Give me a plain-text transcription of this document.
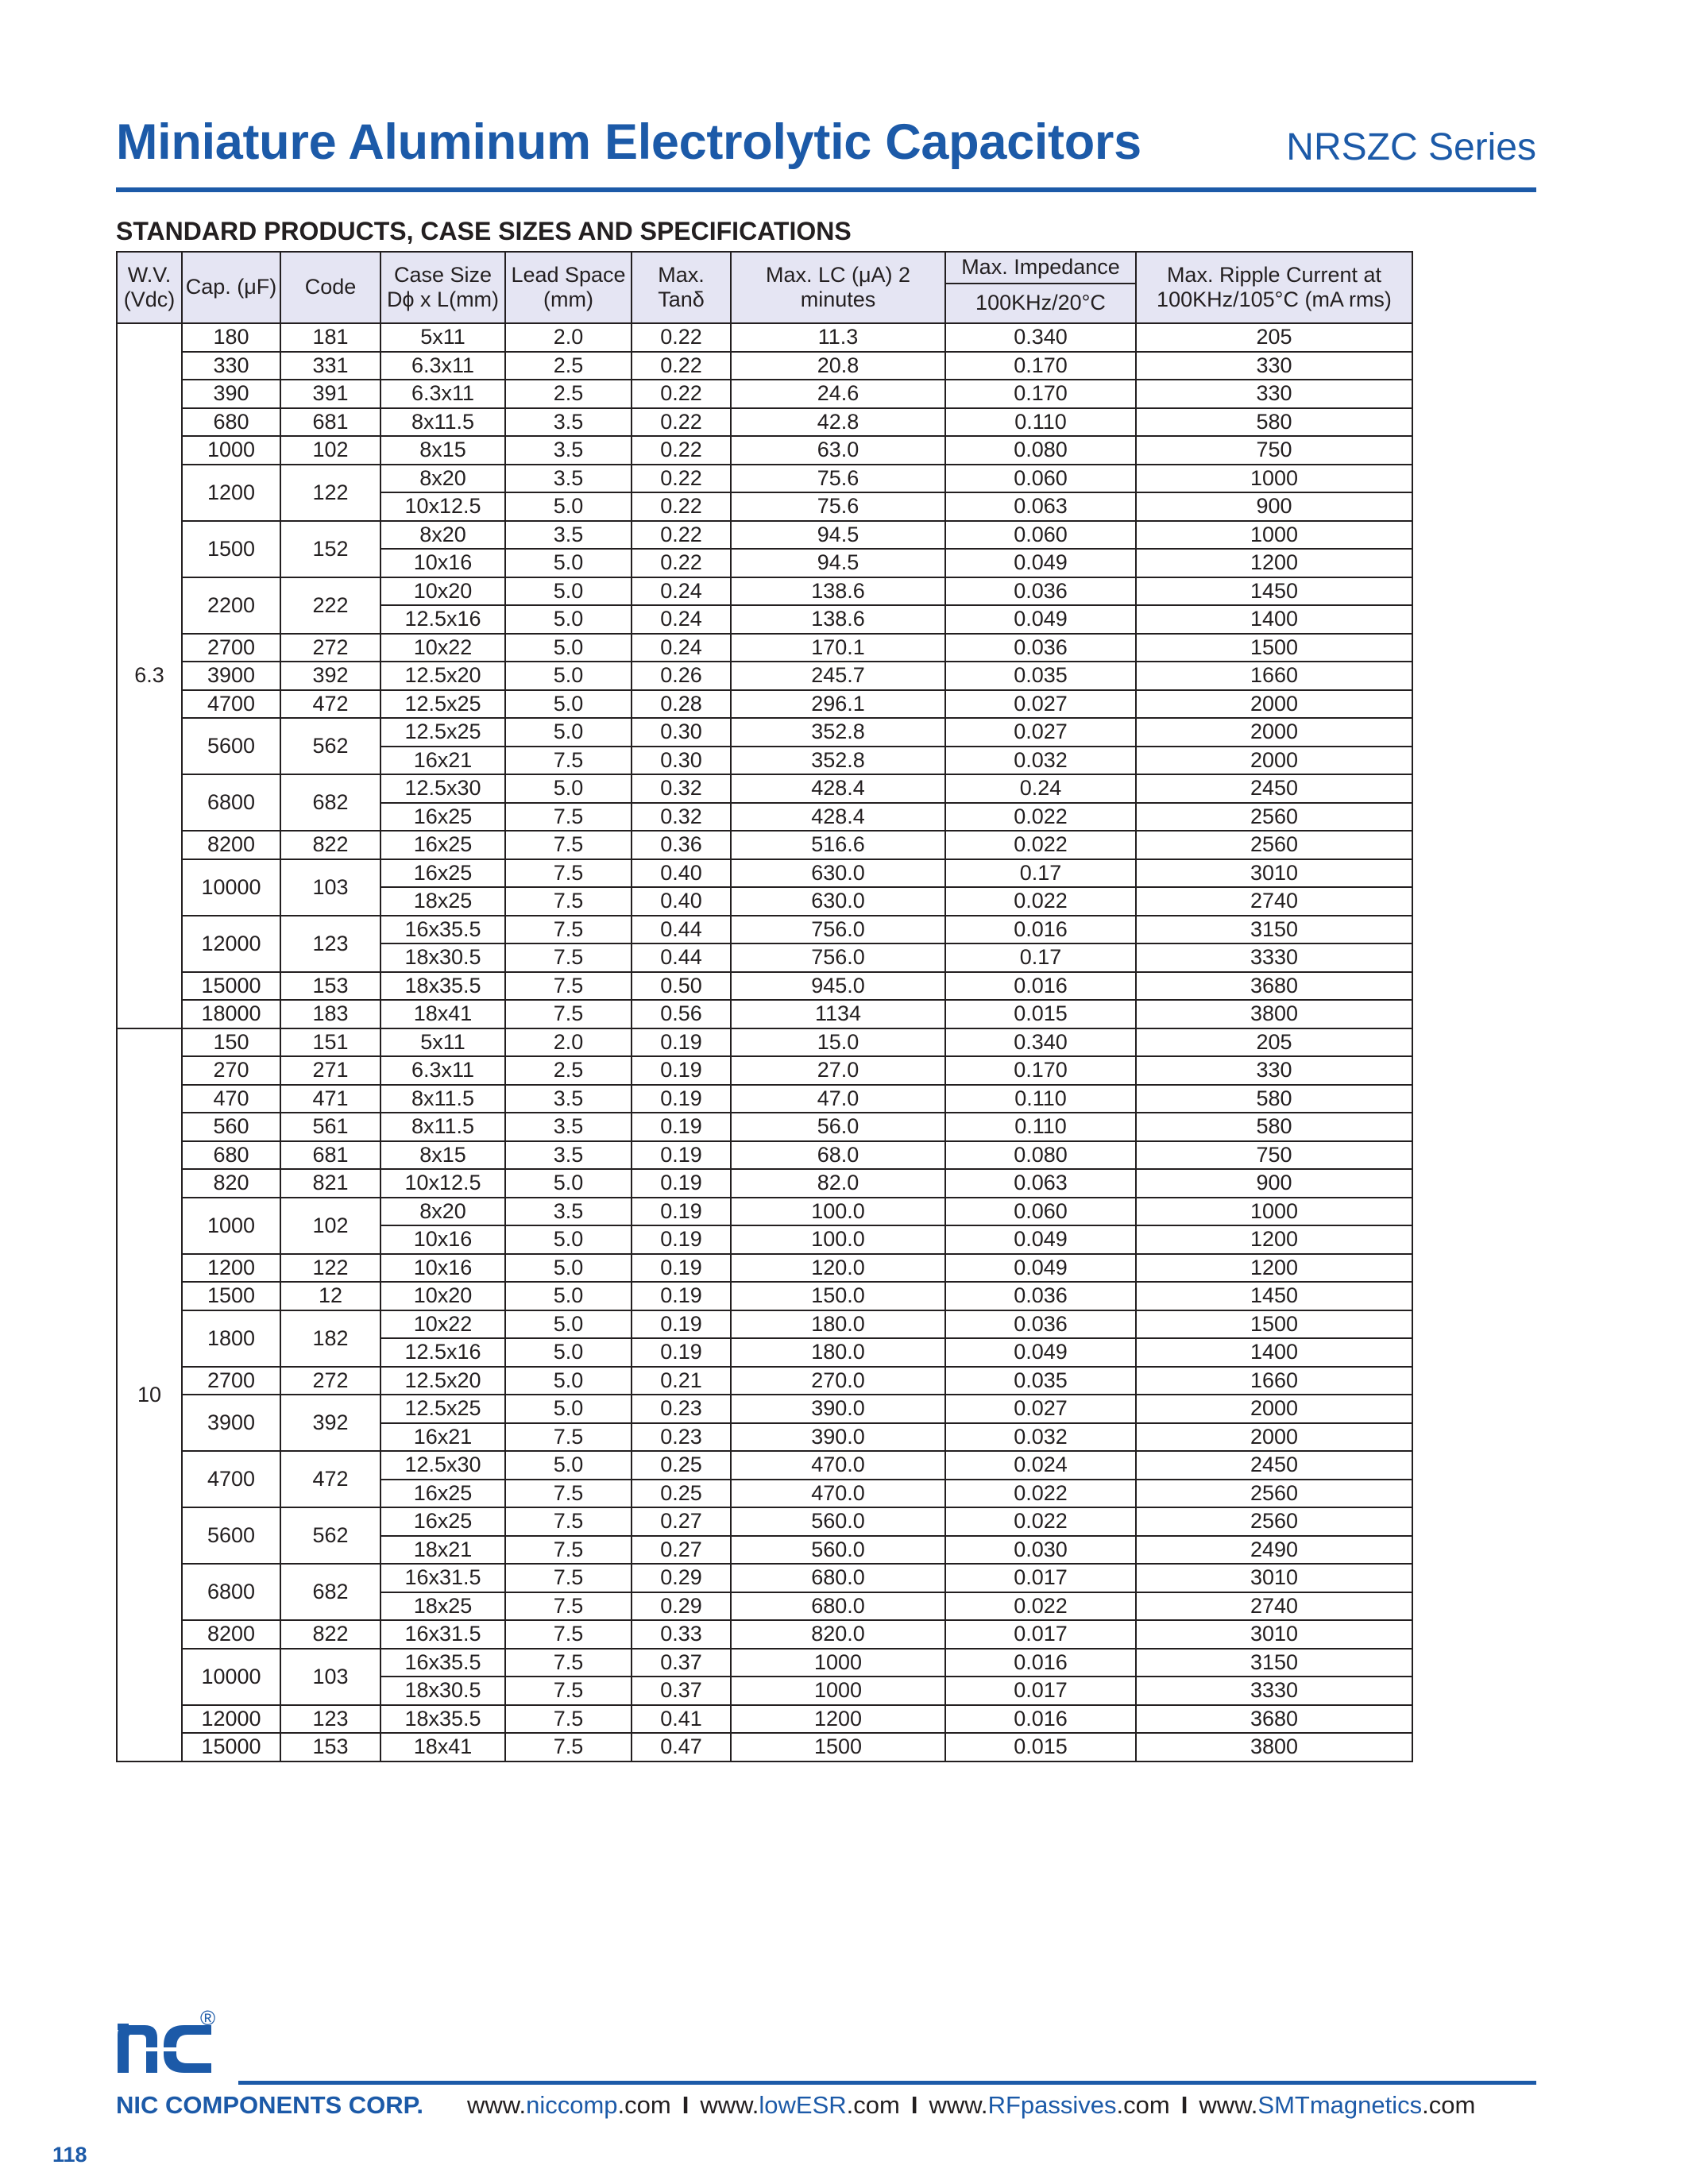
Miniature Aluminum Electrolytic Capacitors	NRSZC Series
STANDARD PRODUCTS, CASE SIZES AND SPECIFICATIONS
W.V. (Vdc)	Cap. (μF)	Code	Case Size Dϕ x L(mm)	Lead Space (mm)	Max. Tanδ	Max. LC (μA) 2 minutes	Max. Impedance	Max. Ripple Current at 100KHz/105°C (mA rms)
							100KHz/20°C	
6.3	180	181	5x11	2.0	0.22	11.3	0.340	205
	330	331	6.3x11	2.5	0.22	20.8	0.170	330
	390	391	6.3x11	2.5	0.22	24.6	0.170	330
	680	681	8x11.5	3.5	0.22	42.8	0.110	580
	1000	102	8x15	3.5	0.22	63.0	0.080	750
	1200	122	8x20	3.5	0.22	75.6	0.060	1000
			10x12.5	5.0	0.22	75.6	0.063	900
	1500	152	8x20	3.5	0.22	94.5	0.060	1000
			10x16	5.0	0.22	94.5	0.049	1200
	2200	222	10x20	5.0	0.24	138.6	0.036	1450
			12.5x16	5.0	0.24	138.6	0.049	1400
	2700	272	10x22	5.0	0.24	170.1	0.036	1500
	3900	392	12.5x20	5.0	0.26	245.7	0.035	1660
	4700	472	12.5x25	5.0	0.28	296.1	0.027	2000
	5600	562	12.5x25	5.0	0.30	352.8	0.027	2000
			16x21	7.5	0.30	352.8	0.032	2000
	6800	682	12.5x30	5.0	0.32	428.4	0.24	2450
			16x25	7.5	0.32	428.4	0.022	2560
	8200	822	16x25	7.5	0.36	516.6	0.022	2560
	10000	103	16x25	7.5	0.40	630.0	0.17	3010
			18x25	7.5	0.40	630.0	0.022	2740
	12000	123	16x35.5	7.5	0.44	756.0	0.016	3150
			18x30.5	7.5	0.44	756.0	0.17	3330
	15000	153	18x35.5	7.5	0.50	945.0	0.016	3680
	18000	183	18x41	7.5	0.56	1134	0.015	3800
10	150	151	5x11	2.0	0.19	15.0	0.340	205
	270	271	6.3x11	2.5	0.19	27.0	0.170	330
	470	471	8x11.5	3.5	0.19	47.0	0.110	580
	560	561	8x11.5	3.5	0.19	56.0	0.110	580
	680	681	8x15	3.5	0.19	68.0	0.080	750
	820	821	10x12.5	5.0	0.19	82.0	0.063	900
	1000	102	8x20	3.5	0.19	100.0	0.060	1000
			10x16	5.0	0.19	100.0	0.049	1200
	1200	122	10x16	5.0	0.19	120.0	0.049	1200
	1500	12	10x20	5.0	0.19	150.0	0.036	1450
	1800	182	10x22	5.0	0.19	180.0	0.036	1500
			12.5x16	5.0	0.19	180.0	0.049	1400
	2700	272	12.5x20	5.0	0.21	270.0	0.035	1660
	3900	392	12.5x25	5.0	0.23	390.0	0.027	2000
			16x21	7.5	0.23	390.0	0.032	2000
	4700	472	12.5x30	5.0	0.25	470.0	0.024	2450
			16x25	7.5	0.25	470.0	0.022	2560
	5600	562	16x25	7.5	0.27	560.0	0.022	2560
			18x21	7.5	0.27	560.0	0.030	2490
	6800	682	16x31.5	7.5	0.29	680.0	0.017	3010
			18x25	7.5	0.29	680.0	0.022	2740
	8200	822	16x31.5	7.5	0.33	820.0	0.017	3010
	10000	103	16x35.5	7.5	0.37	1000	0.016	3150
			18x30.5	7.5	0.37	1000	0.017	3330
	12000	123	18x35.5	7.5	0.41	1200	0.016	3680
	15000	153	18x41	7.5	0.47	1500	0.015	3800
®
NIC COMPONENTS CORP. www.niccomp.com I www.lowESR.com I www.RFpassives.com I www.SMTmagnetics.com
118
